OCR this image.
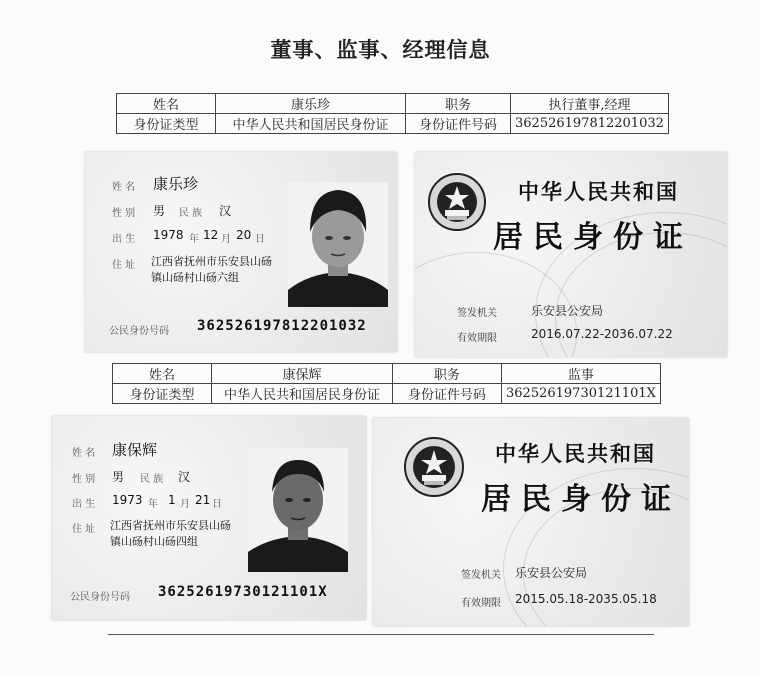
董事、监事、经理信息
姓名	康乐珍	职务	执行董事,经理
身份证类型	中华人民共和国居民身份证	身份证件号码	362526197812201032
姓 名 康乐珍
性 别 男 民 族 汉
出 生 1978 年 12 月 20 日
住 址 江西省抚州市乐安县山砀
镇山砀村山砀六组
公民身份号码 362526197812201032
中华人民共和国
居民身份证
签发机关	乐安县公安局
有效期限	2016.07.22-2036.07.22
姓名	康保辉	职务	监事
身份证类型	中华人民共和国居民身份证	身份证件号码	36252619730121101X
姓 名 康保辉
性 别 男 民 族 汉
出 生 1973 年 1 月 21 日
住 址 江西省抚州市乐安县山砀
镇山砀村山砀四组
公民身份号码 36252619730121101X
中华人民共和国
居民身份证
签发机关 乐安县公安局
有效期限 2015.05.18-2035.05.18
